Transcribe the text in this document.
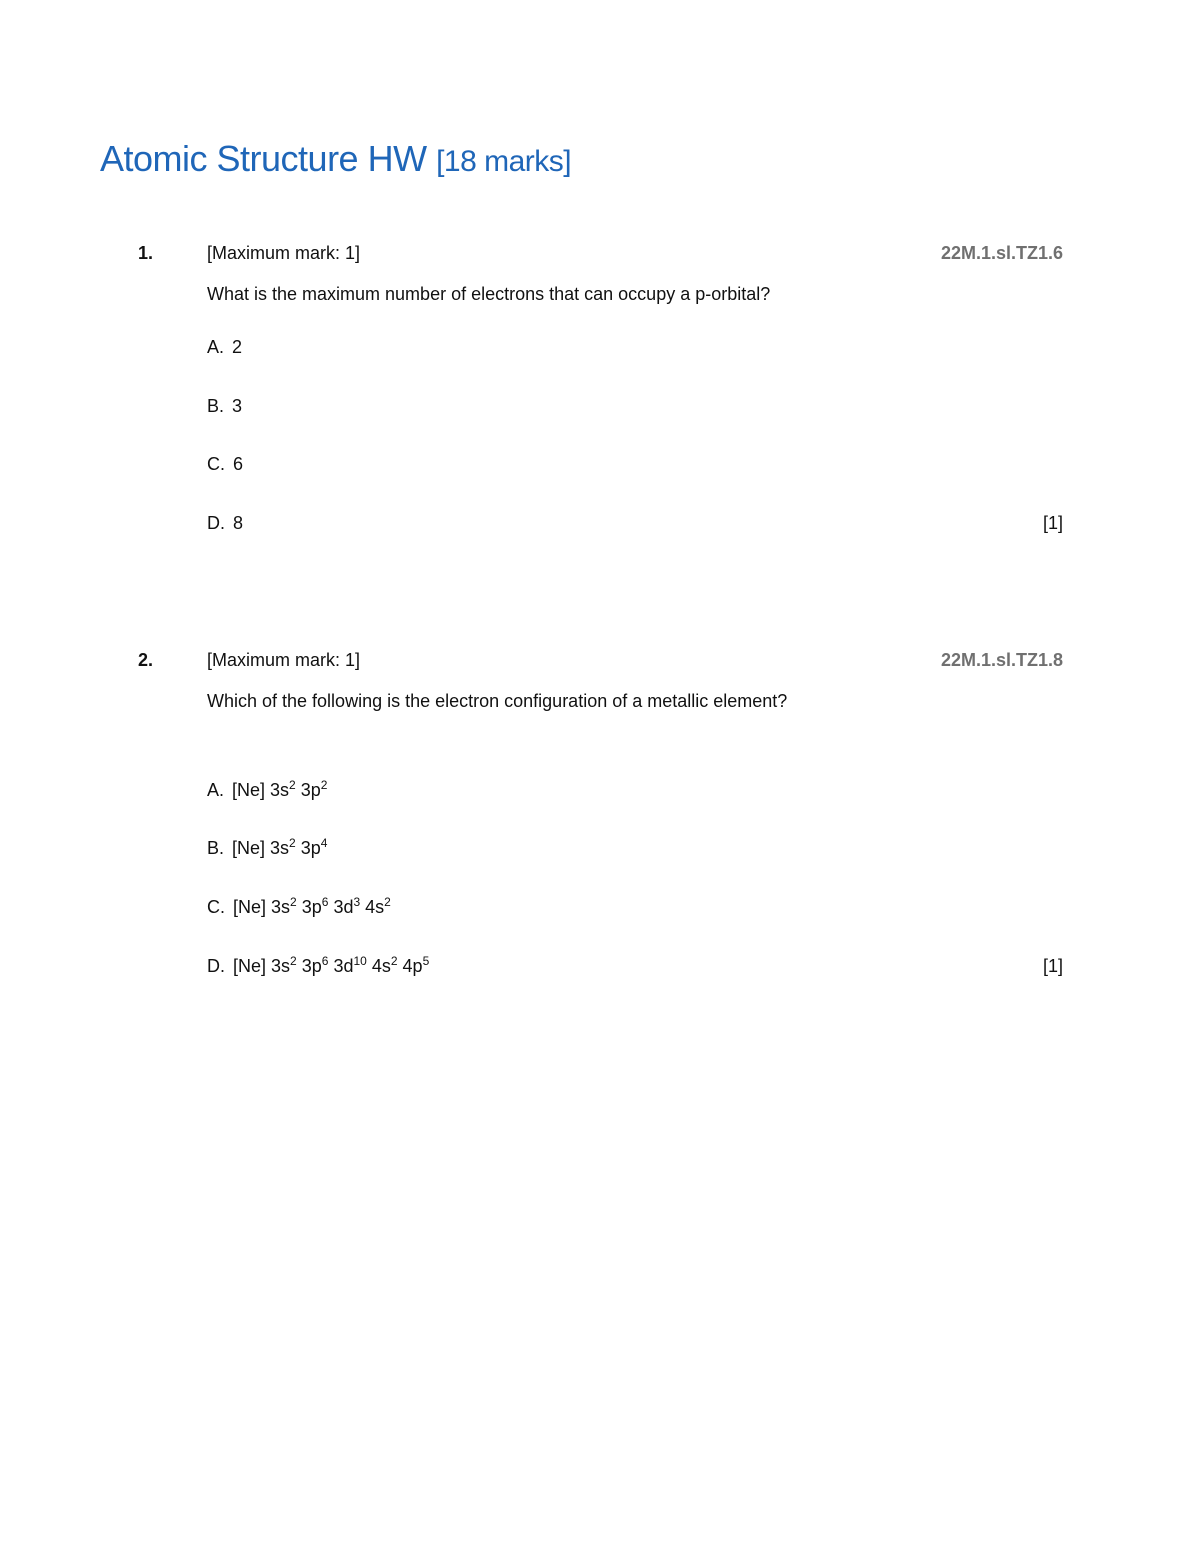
Atomic Structure HW [18 marks]
1.	[Maximum mark: 1]	22M.1.sl.TZ1.6
What is the maximum number of electrons that can occupy a p-orbital?
A. 2
B. 3
C. 6
D. 8	[1]
2.	[Maximum mark: 1]	22M.1.sl.TZ1.8
Which of the following is the electron configuration of a metallic element?
A. [Ne] $3s^2$ $3p^2$
B. [Ne] $3s^2$ $3p^4$
C. [Ne] $3s^2$ $3p^6$ $3d^3$ $4s^2$
D. [Ne] $3s^2$ $3p^6$ $3d^{10}$ $4s^2$ $4p^5$	[1]
